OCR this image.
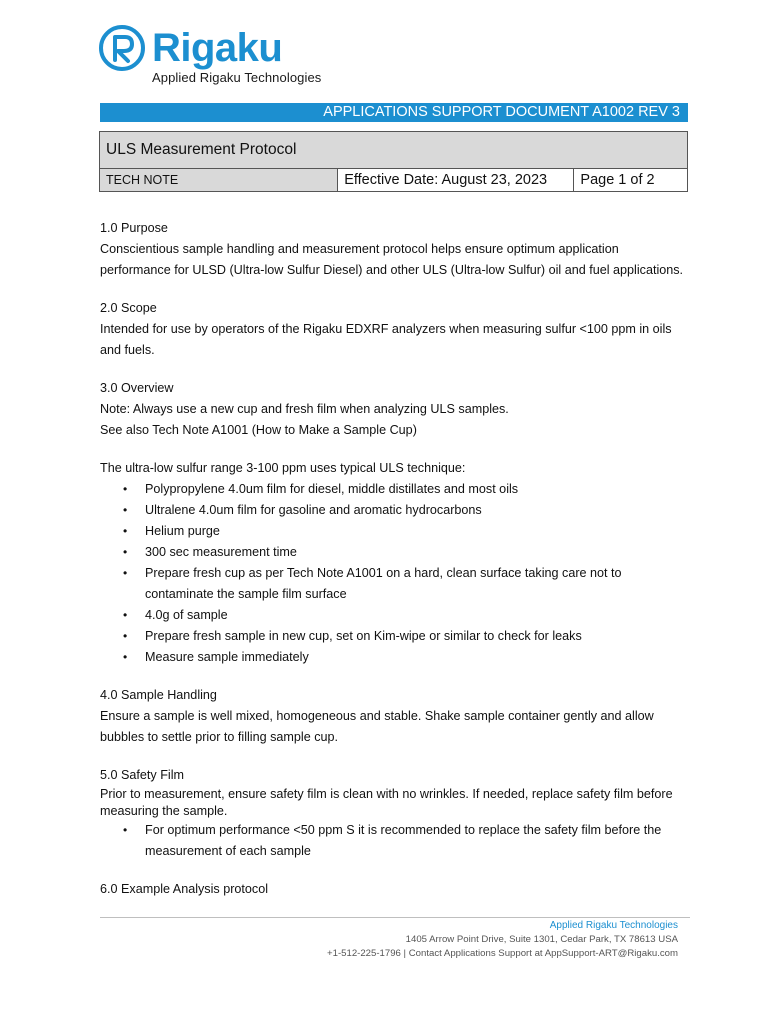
Rigaku
Applied Rigaku Technologies
APPLICATIONS SUPPORT DOCUMENT A1002 REV 3
ULS Measurement Protocol
TECH NOTE	Effective Date: August 23, 2023	Page 1 of 2

1.0 Purpose

Conscientious sample handling and measurement protocol helps ensure optimum application performance for ULSD (Ultra-low Sulfur Diesel) and other ULS (Ultra-low Sulfur) oil and fuel applications.

2.0 Scope

Intended for use by operators of the Rigaku EDXRF analyzers when measuring sulfur <100 ppm in oils and fuels.

3.0 Overview

Note: Always use a new cup and fresh film when analyzing ULS samples.

See also Tech Note A1001 (How to Make a Sample Cup)

The ultra-low sulfur range 3-100 ppm uses typical ULS technique:

• Polypropylene 4.0um film for diesel, middle distillates and most oils
• Ultralene 4.0um film for gasoline and aromatic hydrocarbons
• Helium purge
• 300 sec measurement time
• Prepare fresh cup as per Tech Note A1001 on a hard, clean surface taking care not to contaminate the sample film surface
• 4.0g of sample
• Prepare fresh sample in new cup, set on Kim-wipe or similar to check for leaks
• Measure sample immediately

4.0 Sample Handling

Ensure a sample is well mixed, homogeneous and stable. Shake sample container gently and allow bubbles to settle prior to filling sample cup.

5.0 Safety Film

Prior to measurement, ensure safety film is clean with no wrinkles. If needed, replace safety film before measuring the sample.

• For optimum performance <50 ppm S it is recommended to replace the safety film before the measurement of each sample

6.0 Example Analysis protocol

Applied Rigaku Technologies
1405 Arrow Point Drive, Suite 1301, Cedar Park, TX 78613 USA
+1-512-225-1796 | Contact Applications Support at AppSupport-ART@Rigaku.com
